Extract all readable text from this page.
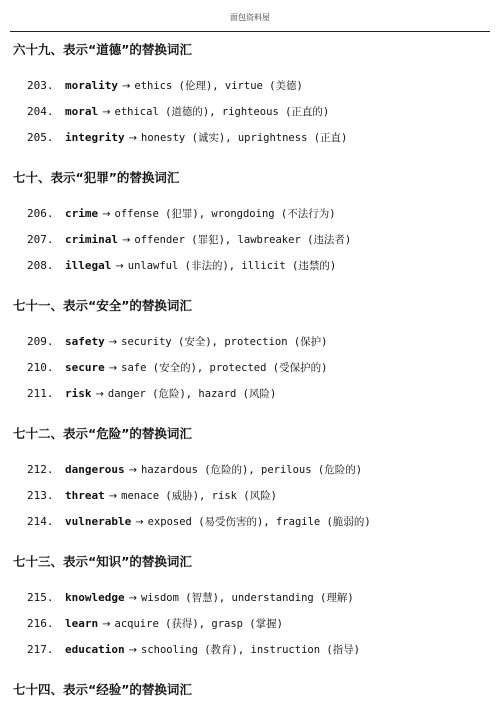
面包资料屋
六十九、表示“道德”的替换词汇
203. morality → ethics (伦理), virtue (美德)
204. moral → ethical (道德的), righteous (正直的)
205. integrity → honesty (诚实), uprightness (正直)
七十、表示“犯罪”的替换词汇
206. crime → offense (犯罪), wrongdoing (不法行为)
207. criminal → offender (罪犯), lawbreaker (违法者)
208. illegal → unlawful (非法的), illicit (违禁的)
七十一、表示“安全”的替换词汇
209. safety → security (安全), protection (保护)
210. secure → safe (安全的), protected (受保护的)
211. risk → danger (危险), hazard (风险)
七十二、表示“危险”的替换词汇
212. dangerous → hazardous (危险的), perilous (危险的)
213. threat → menace (威胁), risk (风险)
214. vulnerable → exposed (易受伤害的), fragile (脆弱的)
七十三、表示“知识”的替换词汇
215. knowledge → wisdom (智慧), understanding (理解)
216. learn → acquire (获得), grasp (掌握)
217. education → schooling (教育), instruction (指导)
七十四、表示“经验”的替换词汇
